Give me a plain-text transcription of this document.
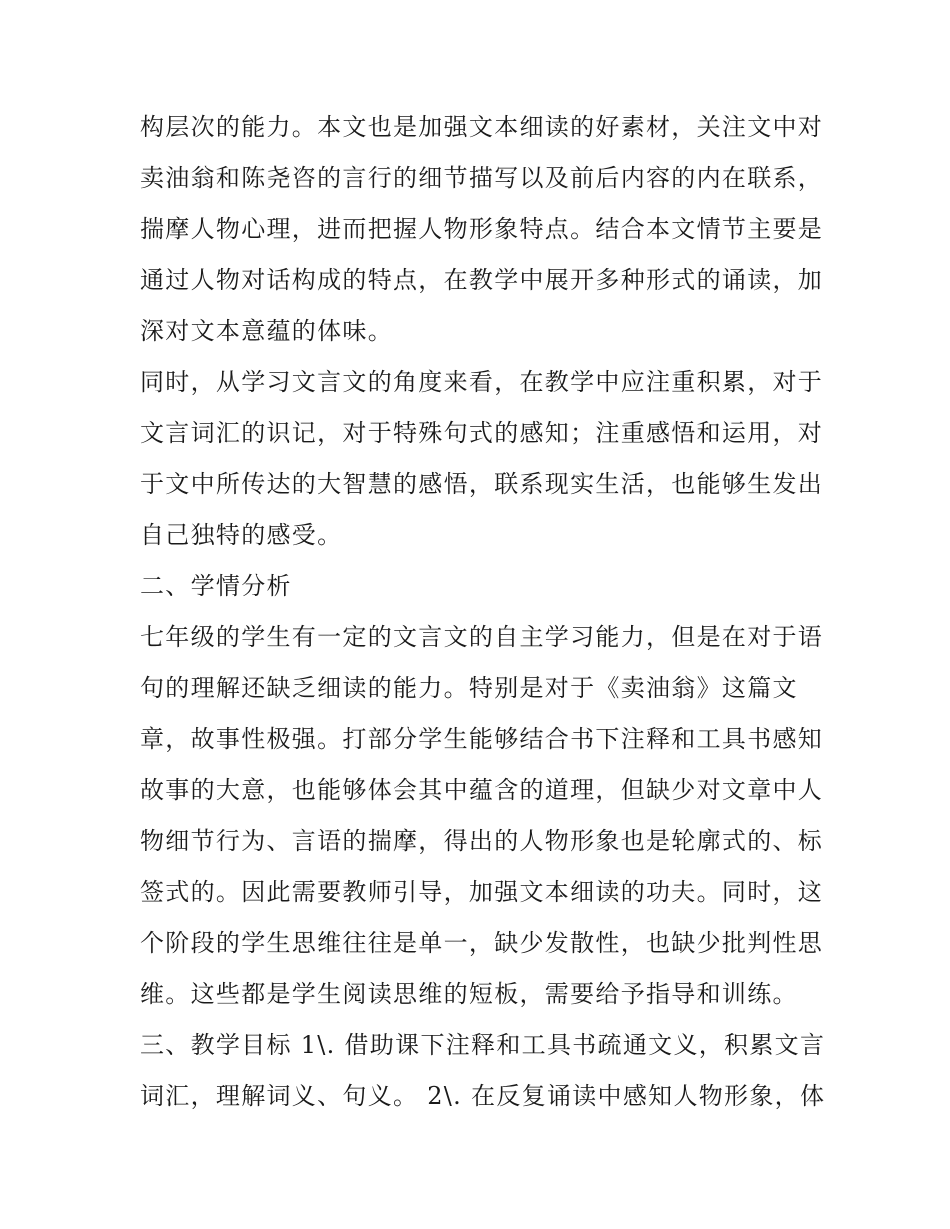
构层次的能力。本文也是加强文本细读的好素材，关注文中对
卖油翁和陈尧咨的言行的细节描写以及前后内容的内在联系，
揣摩人物心理，进而把握人物形象特点。结合本文情节主要是
通过人物对话构成的特点，在教学中展开多种形式的诵读，加
深对文本意蕴的体味。
同时，从学习文言文的角度来看，在教学中应注重积累，对于
文言词汇的识记，对于特殊句式的感知；注重感悟和运用，对
于文中所传达的大智慧的感悟，联系现实生活，也能够生发出
自己独特的感受。
二、学情分析
七年级的学生有一定的文言文的自主学习能力，但是在对于语
句的理解还缺乏细读的能力。特别是对于《卖油翁》这篇文
章，故事性极强。打部分学生能够结合书下注释和工具书感知
故事的大意，也能够体会其中蕴含的道理，但缺少对文章中人
物细节行为、言语的揣摩，得出的人物形象也是轮廓式的、标
签式的。因此需要教师引导，加强文本细读的功夫。同时，这
个阶段的学生思维往往是单一，缺少发散性，也缺少批判性思
维。这些都是学生阅读思维的短板，需要给予指导和训练。
三、教学目标 1\. 借助课下注释和工具书疏通文义，积累文言
词汇，理解词义、句义。 2\. 在反复诵读中感知人物形象，体
